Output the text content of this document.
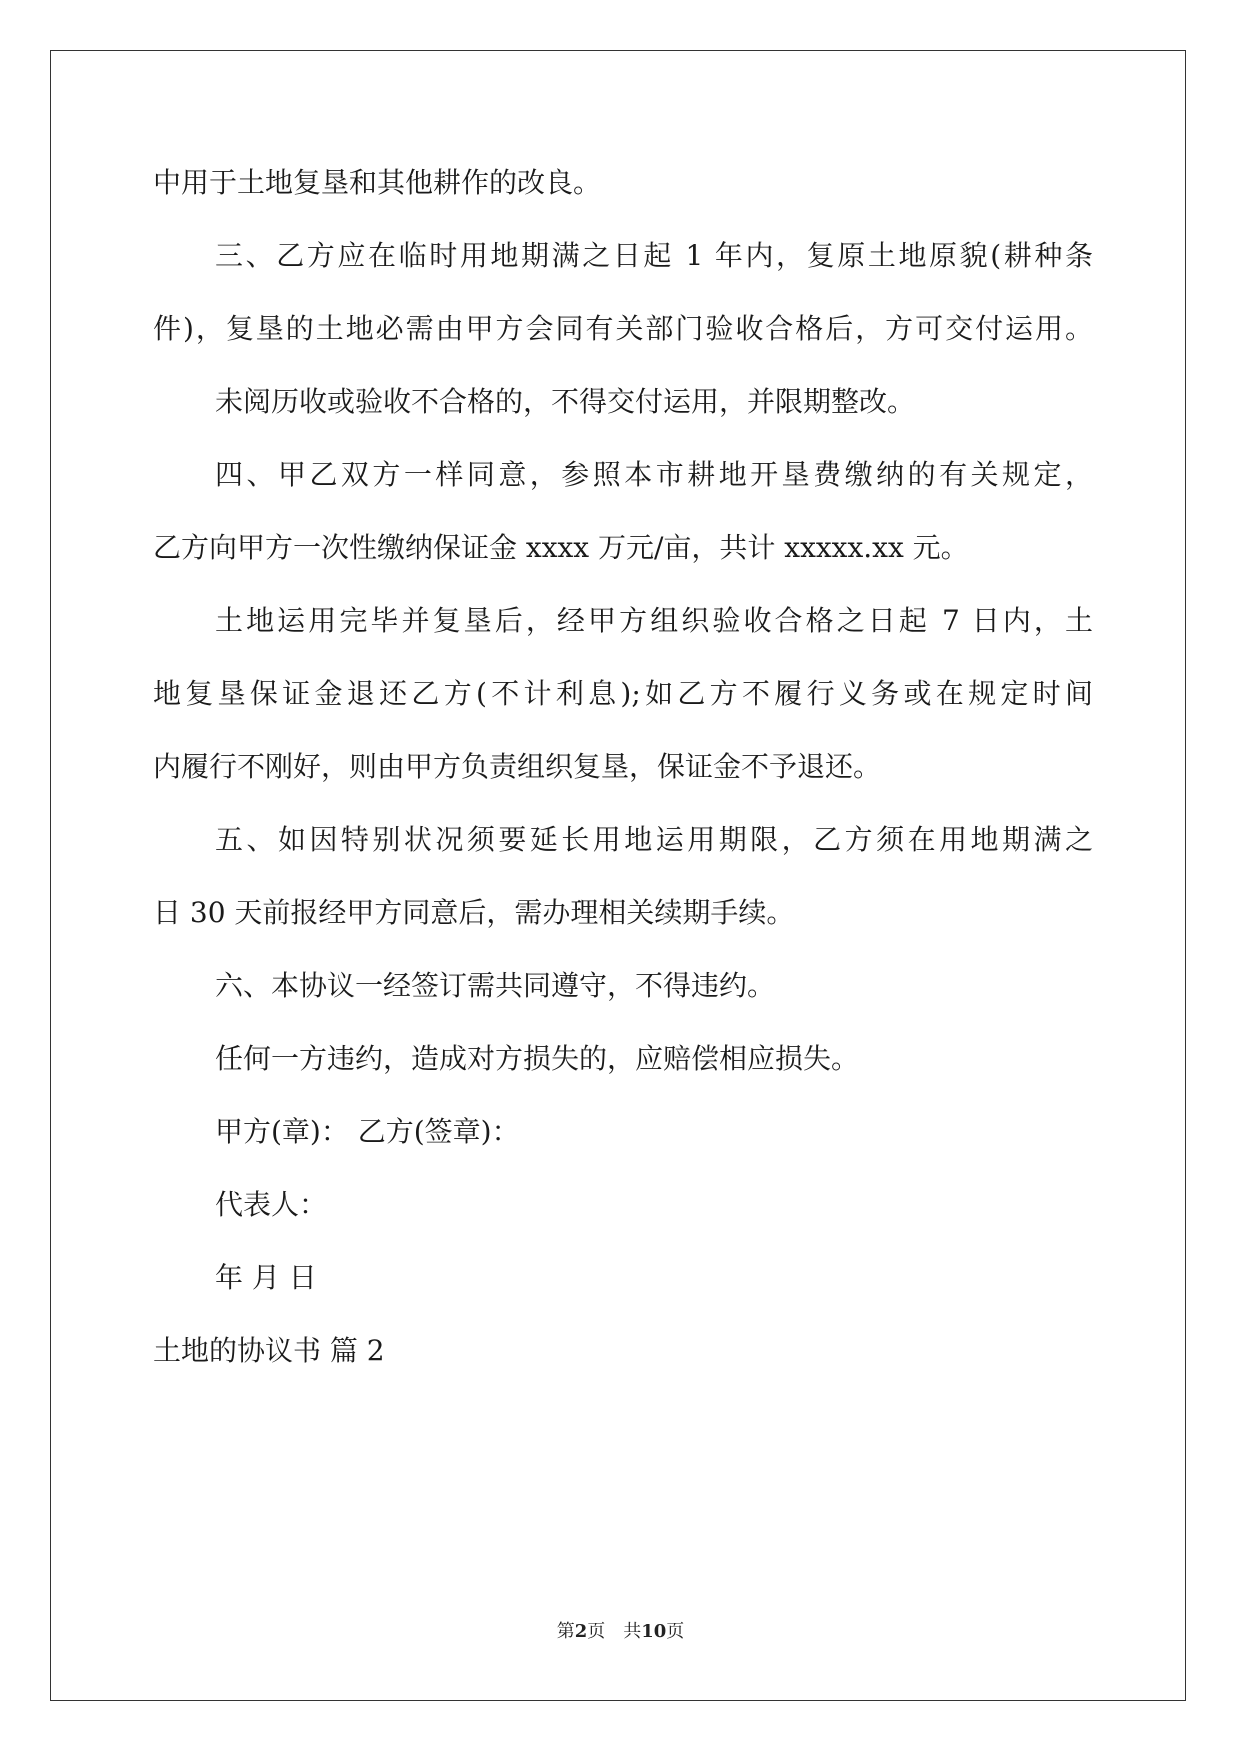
中用于土地复垦和其他耕作的改良。
三、乙方应在临时用地期满之日起 1 年内，复原土地原貌(耕种条
件)，复垦的土地必需由甲方会同有关部门验收合格后，方可交付运用。
未阅历收或验收不合格的，不得交付运用，并限期整改。
四、甲乙双方一样同意，参照本市耕地开垦费缴纳的有关规定，
乙方向甲方一次性缴纳保证金 xxxx 万元/亩，共计 xxxxx.xx 元。
土地运用完毕并复垦后，经甲方组织验收合格之日起 7 日内，土
地复垦保证金退还乙方(不计利息);如乙方不履行义务或在规定时间
内履行不刚好，则由甲方负责组织复垦，保证金不予退还。
五、如因特别状况须要延长用地运用期限，乙方须在用地期满之
日 30 天前报经甲方同意后，需办理相关续期手续。
六、本协议一经签订需共同遵守，不得违约。
任何一方违约，造成对方损失的，应赔偿相应损失。
甲方(章)： 乙方(签章)：
代表人：
年 月 日
土地的协议书 篇 2
第2页 共10页
